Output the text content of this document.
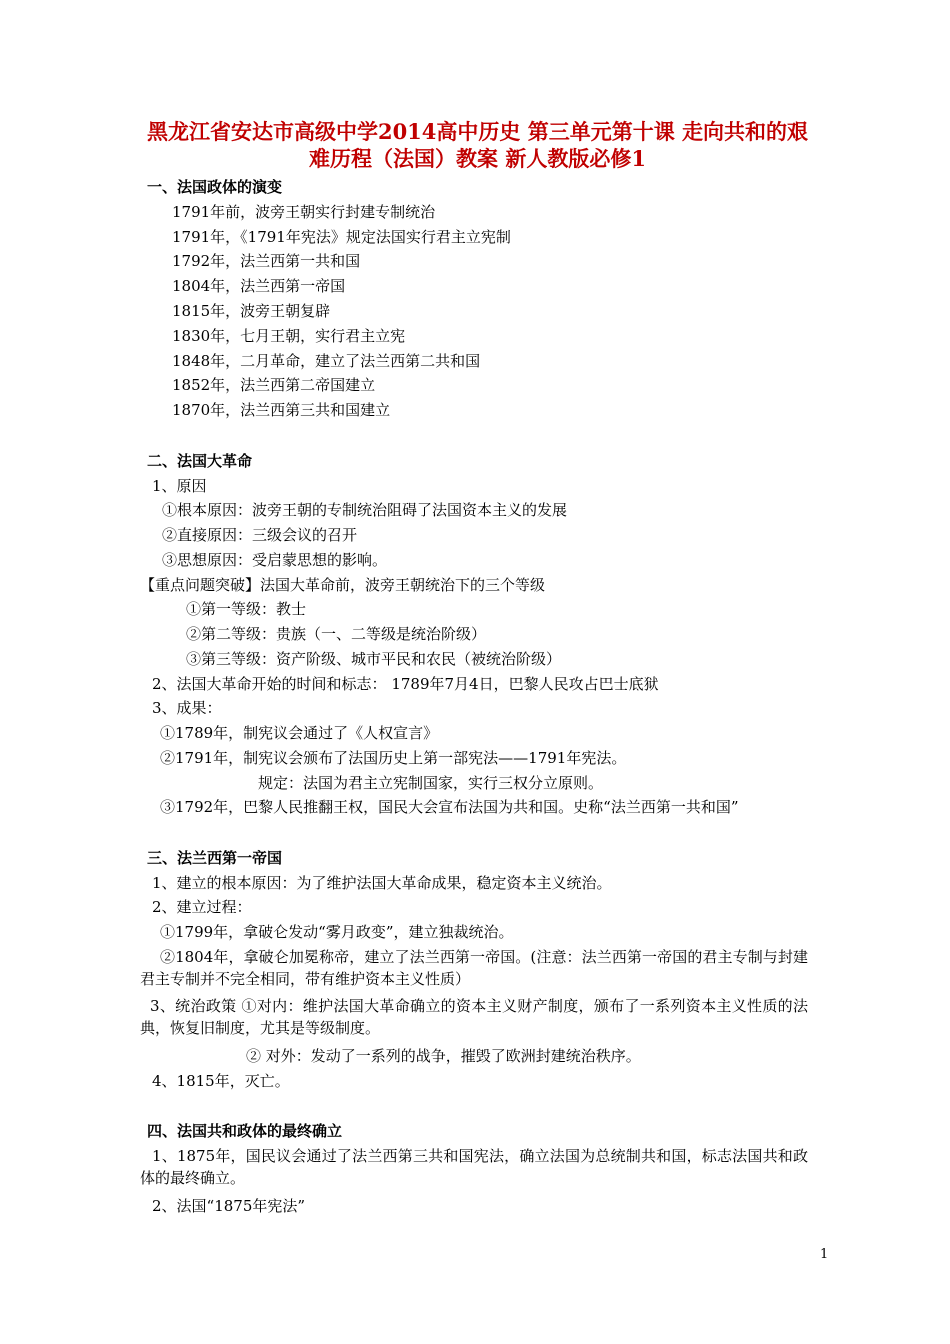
黑龙江省安达市高级中学2014高中历史 第三单元第十课 走向共和的艰难历程（法国）教案 新人教版必修1
一、法国政体的演变
1791年前，波旁王朝实行封建专制统治
1791年，《1791年宪法》规定法国实行君主立宪制
1792年，法兰西第一共和国
1804年，法兰西第一帝国
1815年，波旁王朝复辟
1830年，七月王朝，实行君主立宪
1848年，二月革命，建立了法兰西第二共和国
1852年，法兰西第二帝国建立
1870年，法兰西第三共和国建立
二、法国大革命
1、原因
①根本原因：波旁王朝的专制统治阻碍了法国资本主义的发展
②直接原因：三级会议的召开
③思想原因：受启蒙思想的影响。
【重点问题突破】法国大革命前，波旁王朝统治下的三个等级
①第一等级：教士
②第二等级：贵族（一、二等级是统治阶级）
③第三等级：资产阶级、城市平民和农民（被统治阶级）
2、法国大革命开始的时间和标志： 1789年7月4日，巴黎人民攻占巴士底狱
3、成果：
①1789年，制宪议会通过了《人权宣言》
②1791年，制宪议会颁布了法国历史上第一部宪法——1791年宪法。
规定：法国为君主立宪制国家，实行三权分立原则。
③1792年，巴黎人民推翻王权，国民大会宣布法国为共和国。史称“法兰西第一共和国”
三、法兰西第一帝国
1、建立的根本原因：为了维护法国大革命成果，稳定资本主义统治。
2、建立过程：
①1799年，拿破仑发动“雾月政变”，建立独裁统治。
②1804年，拿破仑加冕称帝，建立了法兰西第一帝国。(注意：法兰西第一帝国的君主专制与封建君主专制并不完全相同，带有维护资本主义性质）
3、统治政策 ①对内：维护法国大革命确立的资本主义财产制度，颁布了一系列资本主义性质的法典，恢复旧制度，尤其是等级制度。
② 对外：发动了一系列的战争，摧毁了欧洲封建统治秩序。
4、1815年，灭亡。
四、法国共和政体的最终确立
1、1875年，国民议会通过了法兰西第三共和国宪法，确立法国为总统制共和国，标志法国共和政体的最终确立。
2、法国“1875年宪法”
1
